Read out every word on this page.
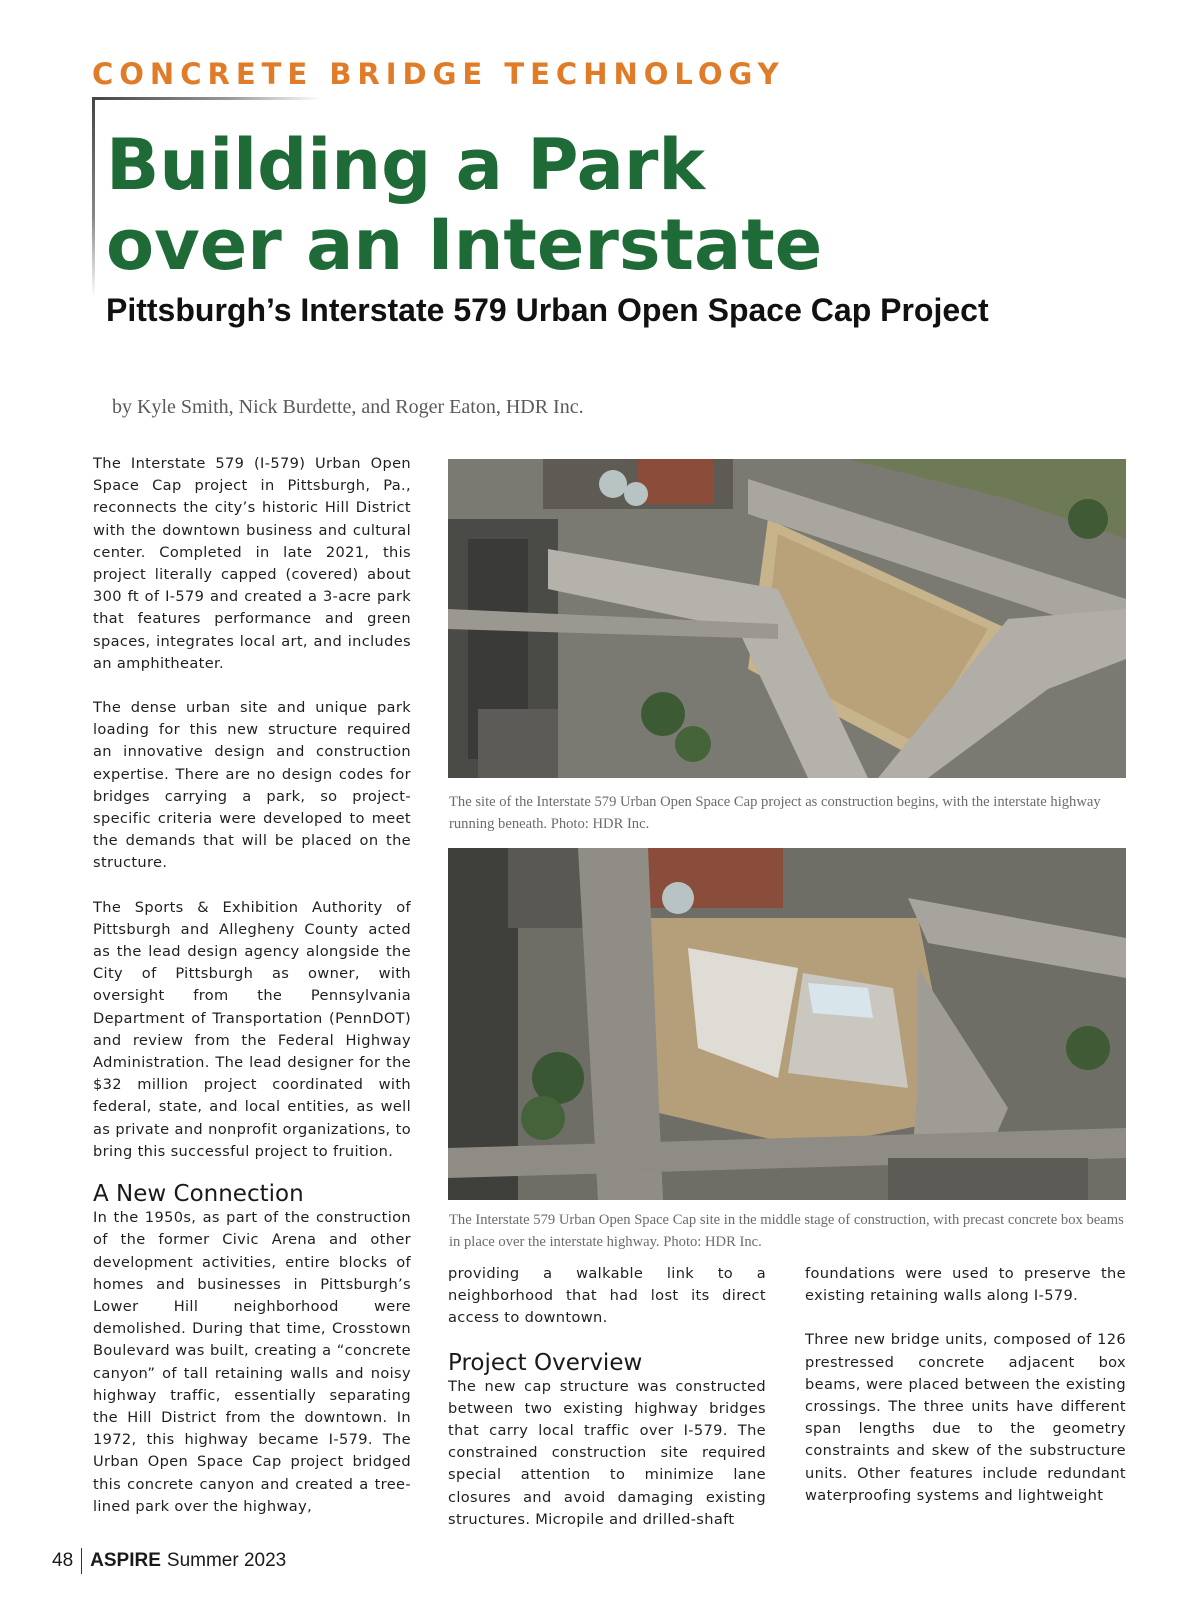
CONCRETE BRIDGE TECHNOLOGY
Building a Park
over an Interstate
Pittsburgh’s Interstate 579 Urban Open Space Cap Project

by Kyle Smith, Nick Burdette, and Roger Eaton, HDR Inc.

The Interstate 579 (I-579) Urban Open Space Cap project in Pittsburgh, Pa., reconnects the city’s historic Hill District with the downtown business and cultural center. Completed in late 2021, this project literally capped (covered) about 300 ft of I-579 and created a 3-acre park that features performance and green spaces, integrates local art, and includes an amphitheater.

The dense urban site and unique park loading for this new structure required an innovative design and construction expertise. There are no design codes for bridges carrying a park, so project-specific criteria were developed to meet the demands that will be placed on the structure.

The Sports & Exhibition Authority of Pittsburgh and Allegheny County acted as the lead design agency alongside the City of Pittsburgh as owner, with oversight from the Pennsylvania Department of Transportation (PennDOT) and review from the Federal Highway Administration. The lead designer for the $32 million project coordinated with federal, state, and local entities, as well as private and nonprofit organizations, to bring this successful project to fruition.

A New Connection

In the 1950s, as part of the construction of the former Civic Arena and other development activities, entire blocks of homes and businesses in Pittsburgh’s Lower Hill neighborhood were demolished. During that time, Crosstown Boulevard was built, creating a “concrete canyon” of tall retaining walls and noisy highway traffic, essentially separating the Hill District from the downtown. In 1972, this highway became I-579. The Urban Open Space Cap project bridged this concrete canyon and created a tree-lined park over the highway,

The site of the Interstate 579 Urban Open Space Cap project as construction begins, with the interstate highway running beneath. Photo: HDR Inc.

The Interstate 579 Urban Open Space Cap site in the middle stage of construction, with precast concrete box beams in place over the interstate highway. Photo: HDR Inc.

providing a walkable link to a neighborhood that had lost its direct access to downtown.

Project Overview

The new cap structure was constructed between two existing highway bridges that carry local traffic over I-579. The constrained construction site required special attention to minimize lane closures and avoid damaging existing structures. Micropile and drilled-shaft

foundations were used to preserve the existing retaining walls along I-579.

Three new bridge units, composed of 126 prestressed concrete adjacent box beams, were placed between the existing crossings. The three units have different span lengths due to the geometry constraints and skew of the substructure units. Other features include redundant waterproofing systems and lightweight

48 ASPIRE Summer 2023
